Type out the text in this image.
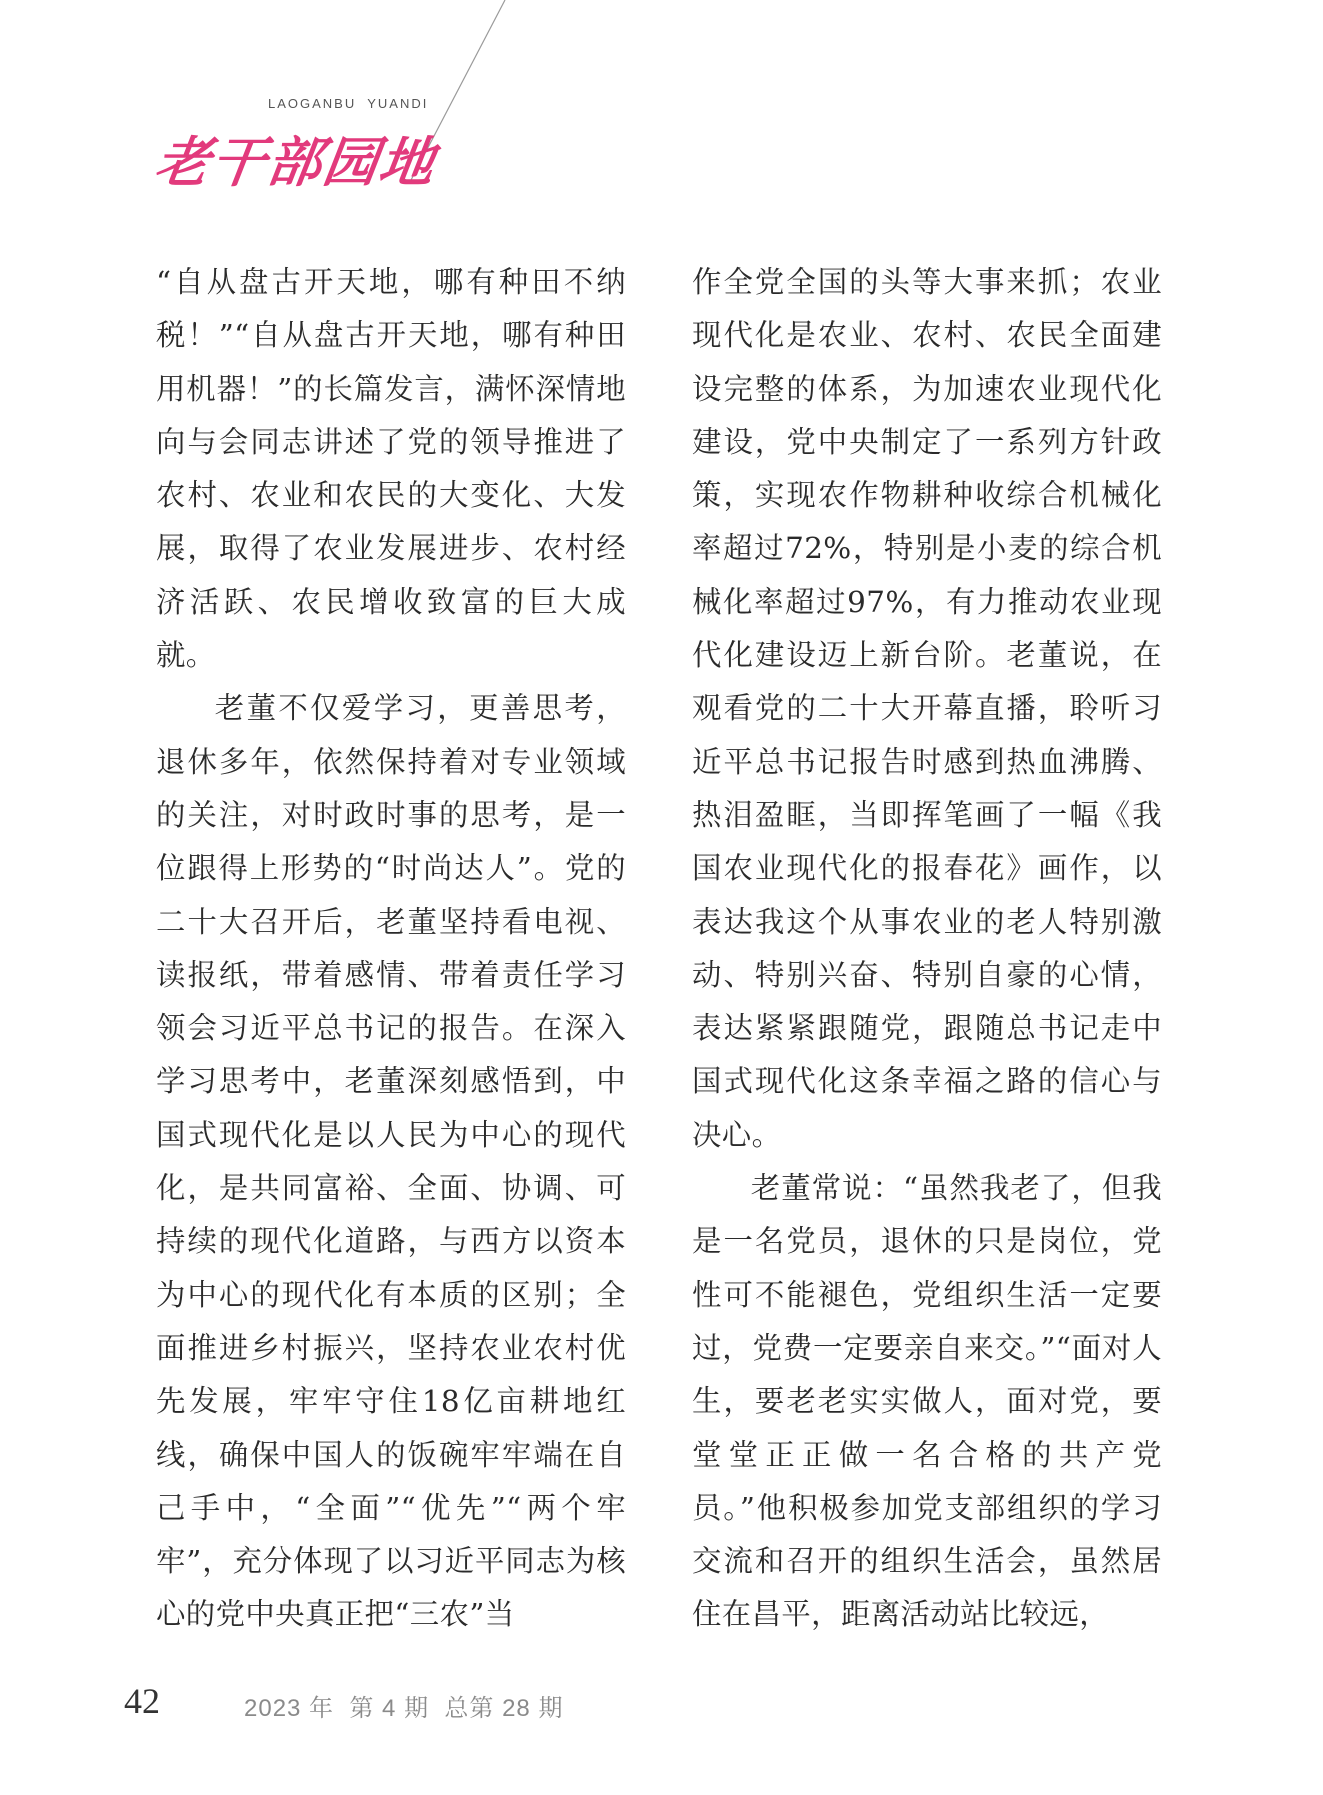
LAOGANBU  YUANDI
老干部园地

“自从盘古开天地，哪有种田不纳税！”“自从盘古开天地，哪有种田用机器！”的长篇发言，满怀深情地向与会同志讲述了党的领导推进了农村、农业和农民的大变化、大发展，取得了农业发展进步、农村经济活跃、农民增收致富的巨大成就。

老董不仅爱学习，更善思考，退休多年，依然保持着对专业领域的关注，对时政时事的思考，是一位跟得上形势的“时尚达人”。党的二十大召开后，老董坚持看电视、读报纸，带着感情、带着责任学习领会习近平总书记的报告。在深入学习思考中，老董深刻感悟到，中国式现代化是以人民为中心的现代化，是共同富裕、全面、协调、可持续的现代化道路，与西方以资本为中心的现代化有本质的区别；全面推进乡村振兴，坚持农业农村优先发展，牢牢守住18亿亩耕地红线，确保中国人的饭碗牢牢端在自己手中，“全面”“优先”“两个牢牢”，充分体现了以习近平同志为核心的党中央真正把“三农”当

作全党全国的头等大事来抓；农业现代化是农业、农村、农民全面建设完整的体系，为加速农业现代化建设，党中央制定了一系列方针政策，实现农作物耕种收综合机械化率超过72%，特别是小麦的综合机械化率超过97%，有力推动农业现代化建设迈上新台阶。老董说，在观看党的二十大开幕直播，聆听习近平总书记报告时感到热血沸腾、热泪盈眶，当即挥笔画了一幅《我国农业现代化的报春花》画作，以表达我这个从事农业的老人特别激动、特别兴奋、特别自豪的心情，表达紧紧跟随党，跟随总书记走中国式现代化这条幸福之路的信心与决心。

老董常说：“虽然我老了，但我是一名党员，退休的只是岗位，党性可不能褪色，党组织生活一定要过，党费一定要亲自来交。”“面对人生，要老老实实做人，面对党，要堂堂正正做一名合格的共产党员。”他积极参加党支部组织的学习交流和召开的组织生活会，虽然居住在昌平，距离活动站比较远，

42	2023 年  第 4 期  总第 28 期
